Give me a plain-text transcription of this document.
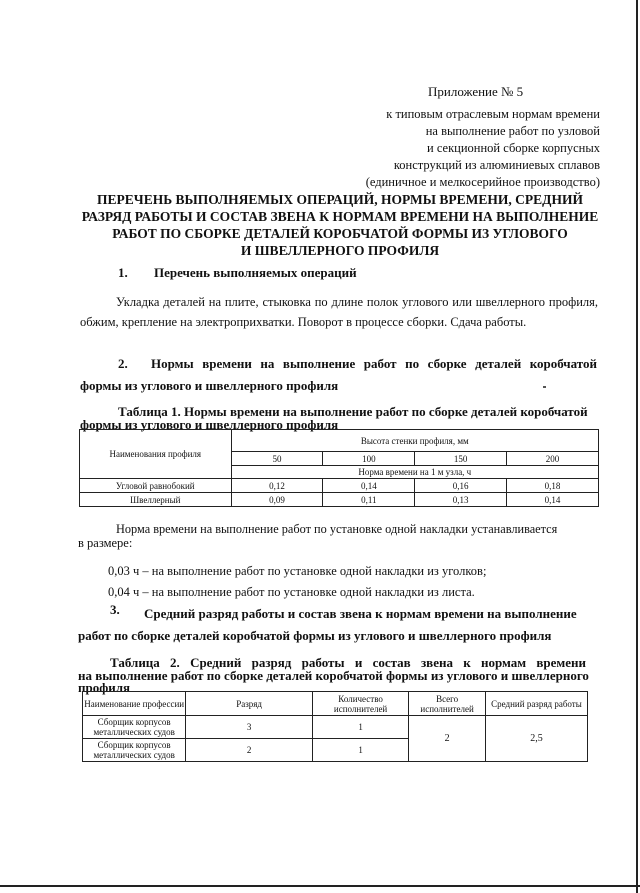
Приложение № 5
к типовым отраслевым нормам времени
на выполнение работ по узловой
и секционной сборке корпусных
конструкций из алюминиевых сплавов
(единичное и мелкосерийное производство)
ПЕРЕЧЕНЬ ВЫПОЛНЯЕМЫХ ОПЕРАЦИЙ, НОРМЫ ВРЕМЕНИ, СРЕДНИЙ
РАЗРЯД РАБОТЫ И СОСТАВ ЗВЕНА К НОРМАМ ВРЕМЕНИ НА ВЫПОЛНЕНИЕ
РАБОТ ПО СБОРКЕ ДЕТАЛЕЙ КОРОБЧАТОЙ ФОРМЫ ИЗ УГЛОВОГО
И ШВЕЛЛЕРНОГО ПРОФИЛЯ
1. Перечень выполняемых операций
Укладка деталей на плите, стыковка по длине полок углового или швеллерного профиля, обжим, крепление на электроприхватки. Поворот в процессе сборки. Сдача работы.
2. Нормы времени на выполнение работ по сборке деталей коробчатой
формы из углового и швеллерного профиля
Таблица 1. Нормы времени на выполнение работ по сборке деталей коробчатой
формы из углового и швеллерного профиля
Наименования профиля	Высота стенки профиля, мм			
	50	100	150	200
	Норма времени на 1 м узла, ч			
Угловой равнобокий	0,12	0,14	0,16	0,18
Швеллерный	0,09	0,11	0,13	0,14
Норма времени на выполнение работ по установке одной накладки устанавливается
в размере:
0,03 ч – на выполнение работ по установке одной накладки из уголков;
0,04 ч – на выполнение работ по установке одной накладки из листа.
3. Средний разряд работы и состав звена к нормам времени на выполнение
работ по сборке деталей коробчатой формы из углового и швеллерного профиля
Таблица 2. Средний разряд работы и состав звена к нормам времени
на выполнение работ по сборке деталей коробчатой формы из углового и швеллерного
профиля
Наименование профессии	Разряд	Количество исполнителей	Всего исполнителей	Средний разряд работы
Сборщик корпусов металлических судов	3	1	2	2,5
Сборщик корпусов металлических судов	2	1		
